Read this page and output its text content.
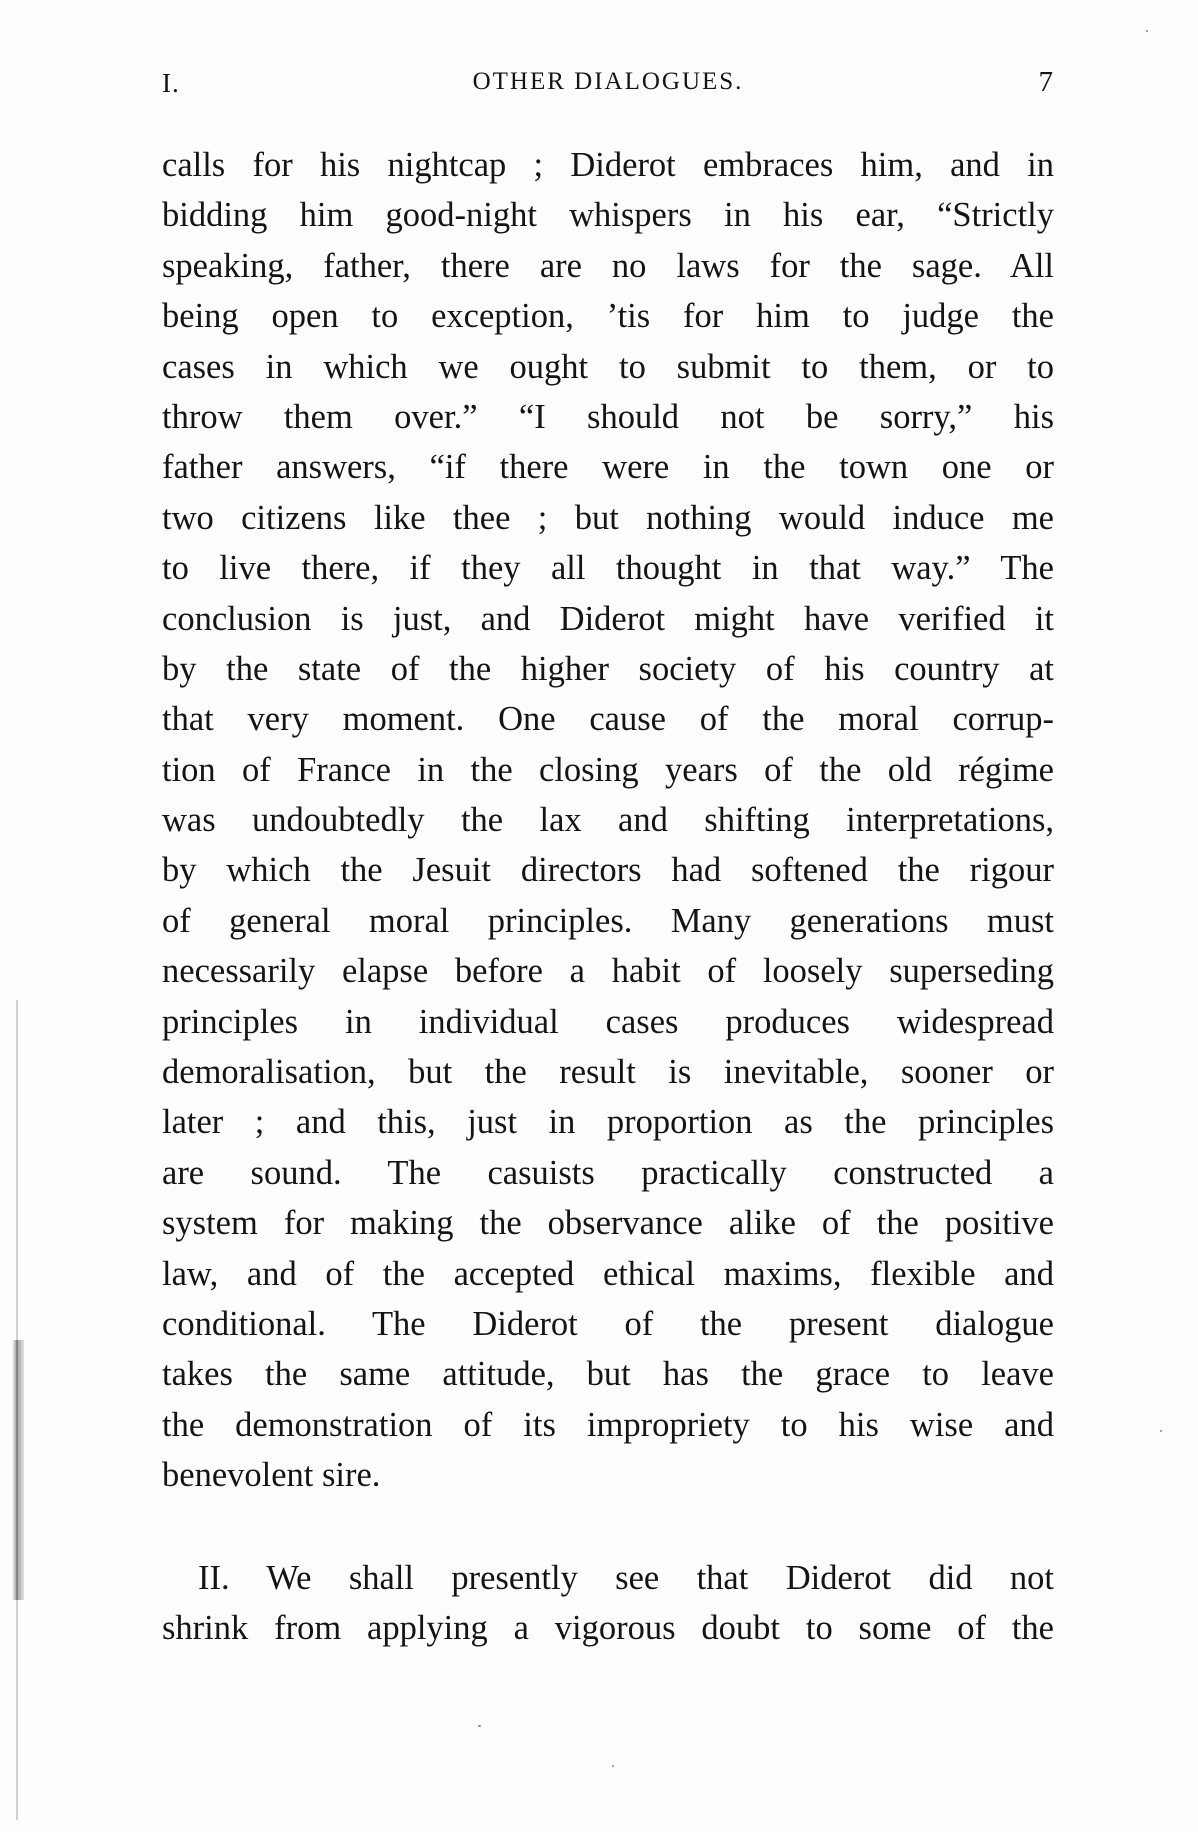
I.	OTHER DIALOGUES.	7
calls for his nightcap ; Diderot embraces him, and in
bidding him good-night whispers in his ear, “Strictly
speaking, father, there are no laws for the sage. All
being open to exception, ’tis for him to judge the
cases in which we ought to submit to them, or to
throw them over.” “I should not be sorry,” his
father answers, “if there were in the town one or
two citizens like thee ; but nothing would induce me
to live there, if they all thought in that way.” The
conclusion is just, and Diderot might have verified it
by the state of the higher society of his country at
that very moment. One cause of the moral corrup-
tion of France in the closing years of the old régime
was undoubtedly the lax and shifting interpretations,
by which the Jesuit directors had softened the rigour
of general moral principles. Many generations must
necessarily elapse before a habit of loosely superseding
principles in individual cases produces widespread
demoralisation, but the result is inevitable, sooner or
later ; and this, just in proportion as the principles
are sound. The casuists practically constructed a
system for making the observance alike of the positive
law, and of the accepted ethical maxims, flexible and
conditional. The Diderot of the present dialogue
takes the same attitude, but has the grace to leave
the demonstration of its impropriety to his wise and
benevolent sire.
II. We shall presently see that Diderot did not
shrink from applying a vigorous doubt to some of the
